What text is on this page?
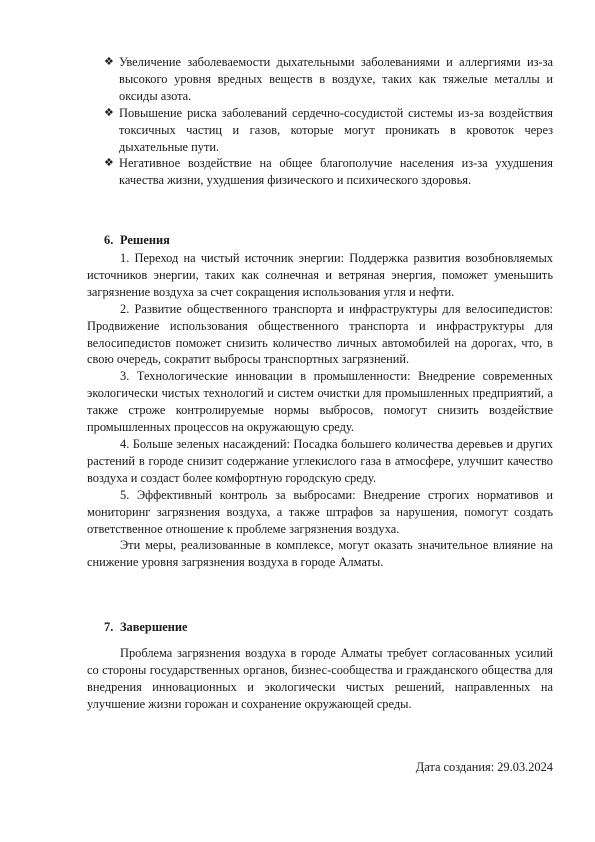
❖ Увеличение заболеваемости дыхательными заболеваниями и аллергиями из-за высокого уровня вредных веществ в воздухе, таких как тяжелые металлы и оксиды азота.

❖ Повышение риска заболеваний сердечно-сосудистой системы из-за воздействия токсичных частиц и газов, которые могут проникать в кровоток через дыхательные пути.

❖ Негативное воздействие на общее благополучие населения из-за ухудшения качества жизни, ухудшения физического и психического здоровья.

6. Решения

1. Переход на чистый источник энергии: Поддержка развития возобновляемых источников энергии, таких как солнечная и ветряная энергия, поможет уменьшить загрязнение воздуха за счет сокращения использования угля и нефти.

2. Развитие общественного транспорта и инфраструктуры для велосипедистов: Продвижение использования общественного транспорта и инфраструктуры для велосипедистов поможет снизить количество личных автомобилей на дорогах, что, в свою очередь, сократит выбросы транспортных загрязнений.

3. Технологические инновации в промышленности: Внедрение современных экологически чистых технологий и систем очистки для промышленных предприятий, а также строже контролируемые нормы выбросов, помогут снизить воздействие промышленных процессов на окружающую среду.

4. Больше зеленых насаждений: Посадка большего количества деревьев и других растений в городе снизит содержание углекислого газа в атмосфере, улучшит качество воздуха и создаст более комфортную городскую среду.

5. Эффективный контроль за выбросами: Внедрение строгих нормативов и мониторинг загрязнения воздуха, а также штрафов за нарушения, помогут создать ответственное отношение к проблеме загрязнения воздуха.

Эти меры, реализованные в комплексе, могут оказать значительное влияние на снижение уровня загрязнения воздуха в городе Алматы.

7. Завершение

Проблема загрязнения воздуха в городе Алматы требует согласованных усилий со стороны государственных органов, бизнес-сообщества и гражданского общества для внедрения инновационных и экологически чистых решений, направленных на улучшение жизни горожан и сохранение окружающей среды.

Дата создания: 29.03.2024
